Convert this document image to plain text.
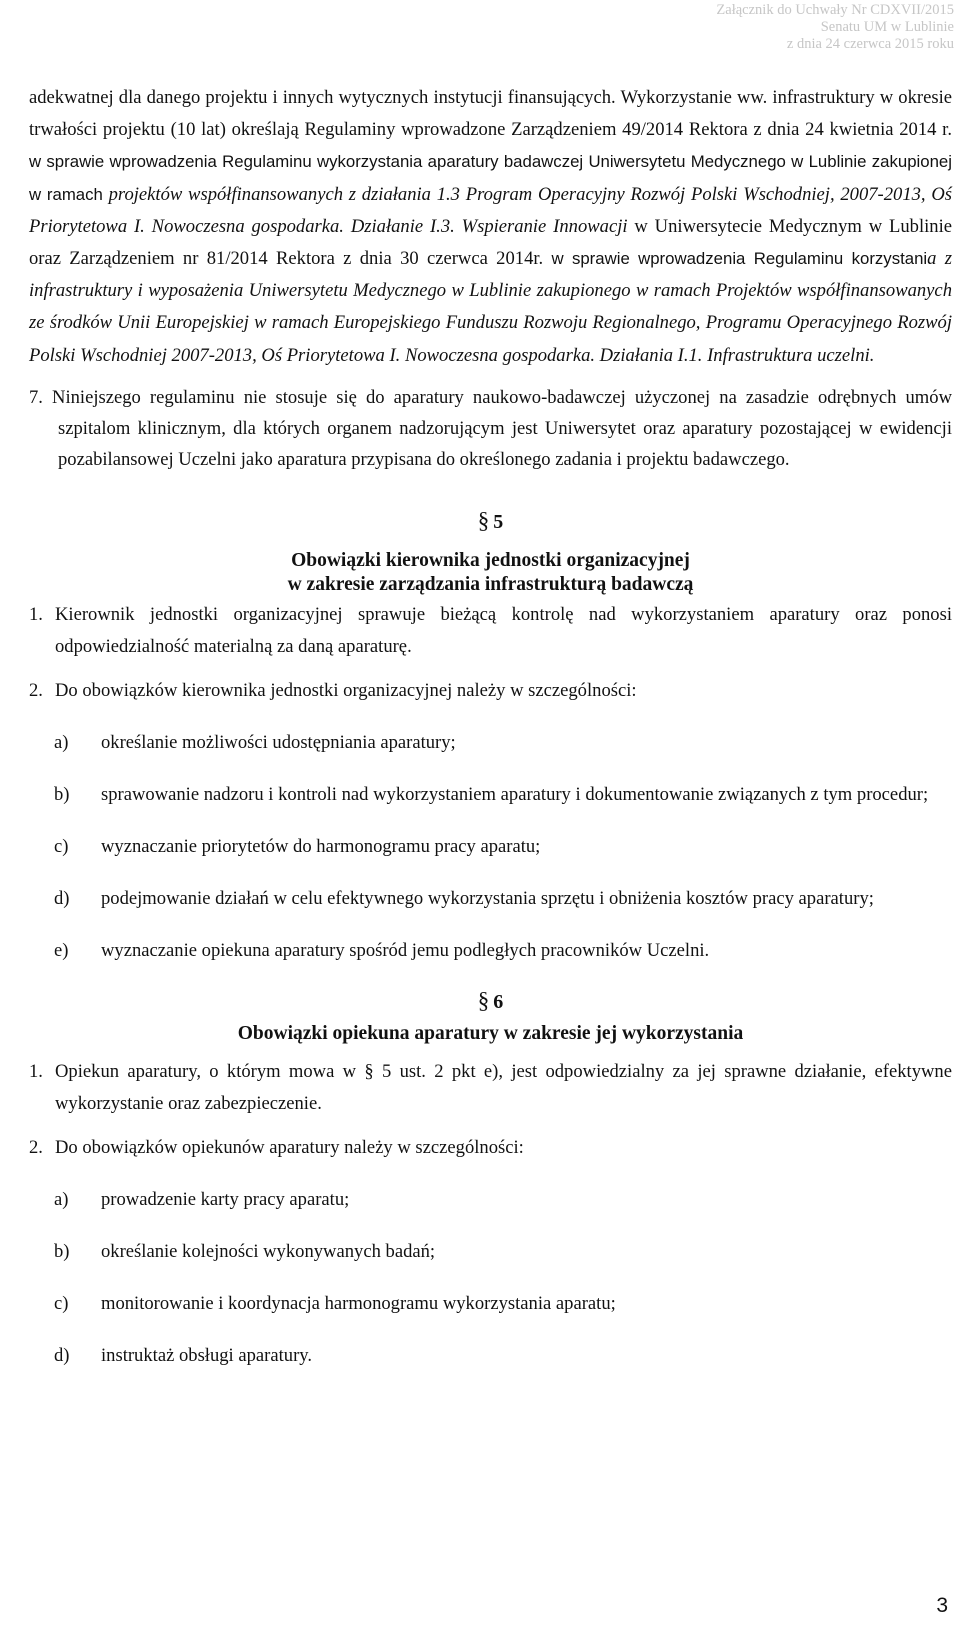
Załącznik do Uchwały Nr CDXVII/2015
Senatu UM w Lublinie
z dnia 24 czerwca 2015 roku

adekwatnej dla danego projektu i innych wytycznych instytucji finansujących. Wykorzystanie ww. infrastruktury w okresie trwałości projektu (10 lat) określają Regulaminy wprowadzone Zarządzeniem 49/2014 Rektora z dnia 24 kwietnia 2014 r. w sprawie wprowadzenia Regulaminu wykorzystania aparatury badawczej Uniwersytetu Medycznego w Lublinie zakupionej w ramach projektów współfinansowanych z działania 1.3 Program Operacyjny Rozwój Polski Wschodniej, 2007-2013, Oś Priorytetowa I. Nowoczesna gospodarka. Działanie I.3. Wspieranie Innowacji w Uniwersytecie Medycznym w Lublinie oraz Zarządzeniem nr 81/2014 Rektora z dnia 30 czerwca 2014r. w sprawie wprowadzenia Regulaminu korzystania z infrastruktury i wyposażenia Uniwersytetu Medycznego w Lublinie zakupionego w ramach Projektów współfinansowanych ze środków Unii Europejskiej w ramach Europejskiego Funduszu Rozwoju Regionalnego, Programu Operacyjnego Rozwój Polski Wschodniej 2007-2013, Oś Priorytetowa I. Nowoczesna gospodarka. Działania I.1. Infrastruktura uczelni.

7. Niniejszego regulaminu nie stosuje się do aparatury naukowo-badawczej użyczonej na zasadzie odrębnych umów szpitalom klinicznym, dla których organem nadzorującym jest Uniwersytet oraz aparatury pozostającej w ewidencji pozabilansowej Uczelni jako aparatura przypisana do określonego zadania i projektu badawczego.

§ 5
Obowiązki kierownika jednostki organizacyjnej
w zakresie zarządzania infrastrukturą badawczą
1. Kierownik jednostki organizacyjnej sprawuje bieżącą kontrolę nad wykorzystaniem aparatury oraz ponosi odpowiedzialność materialną za daną aparaturę.
2. Do obowiązków kierownika jednostki organizacyjnej należy w szczególności:
a)	określanie możliwości udostępniania aparatury;
b)	sprawowanie nadzoru i kontroli nad wykorzystaniem aparatury i dokumentowanie związanych z tym procedur;
c)	wyznaczanie priorytetów do harmonogramu pracy aparatu;
d)	podejmowanie działań w celu efektywnego wykorzystania sprzętu i obniżenia kosztów pracy aparatury;
e)	wyznaczanie opiekuna aparatury spośród jemu podległych pracowników Uczelni.
§ 6
Obowiązki opiekuna aparatury w zakresie jej wykorzystania
1. Opiekun aparatury, o którym mowa w § 5 ust. 2 pkt e), jest odpowiedzialny za jej sprawne działanie, efektywne wykorzystanie oraz zabezpieczenie.
2. Do obowiązków opiekunów aparatury należy w szczególności:
a)	prowadzenie karty pracy aparatu;
b)	określanie kolejności wykonywanych badań;
c)	monitorowanie i koordynacja harmonogramu wykorzystania aparatu;
d)	instruktaż obsługi aparatury.
3
